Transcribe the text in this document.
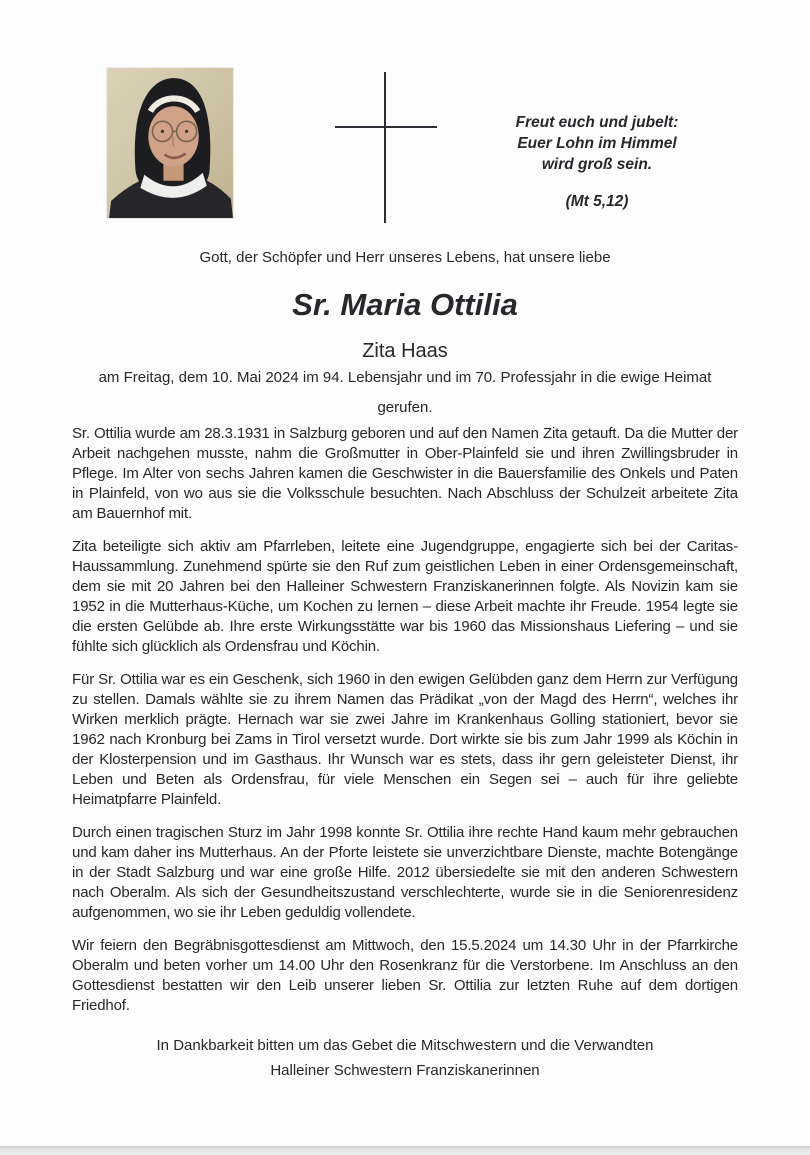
Freut euch und jubelt:
Euer Lohn im Himmel
wird groß sein.
(Mt 5,12)
Gott, der Schöpfer und Herr unseres Lebens, hat unsere liebe
Sr. Maria Ottilia
Zita Haas
am Freitag, dem 10. Mai 2024 im 94. Lebensjahr und im 70. Professjahr in die ewige Heimat
gerufen.

Sr. Ottilia wurde am 28.3.1931 in Salzburg geboren und auf den Namen Zita getauft. Da die Mutter der Arbeit nachgehen musste, nahm die Großmutter in Ober-Plainfeld sie und ihren Zwillingsbruder in Pflege. Im Alter von sechs Jahren kamen die Geschwister in die Bauersfamilie des Onkels und Paten in Plainfeld, von wo aus sie die Volksschule besuchten. Nach Abschluss der Schulzeit arbeitete Zita am Bauernhof mit.

Zita beteiligte sich aktiv am Pfarrleben, leitete eine Jugendgruppe, engagierte sich bei der Caritas-Haussammlung. Zunehmend spürte sie den Ruf zum geistlichen Leben in einer Ordensgemeinschaft, dem sie mit 20 Jahren bei den Halleiner Schwestern Franziskanerinnen folgte. Als Novizin kam sie 1952 in die Mutterhaus-Küche, um Kochen zu lernen – diese Arbeit machte ihr Freude. 1954 legte sie die ersten Gelübde ab. Ihre erste Wirkungsstätte war bis 1960 das Missionshaus Liefering – und sie fühlte sich glücklich als Ordensfrau und Köchin.

Für Sr. Ottilia war es ein Geschenk, sich 1960 in den ewigen Gelübden ganz dem Herrn zur Verfügung zu stellen. Damals wählte sie zu ihrem Namen das Prädikat „von der Magd des Herrn“, welches ihr Wirken merklich prägte. Hernach war sie zwei Jahre im Krankenhaus Golling stationiert, bevor sie 1962 nach Kronburg bei Zams in Tirol versetzt wurde. Dort wirkte sie bis zum Jahr 1999 als Köchin in der Klosterpension und im Gasthaus. Ihr Wunsch war es stets, dass ihr gern geleisteter Dienst, ihr Leben und Beten als Ordensfrau, für viele Menschen ein Segen sei – auch für ihre geliebte Heimatpfarre Plainfeld.

Durch einen tragischen Sturz im Jahr 1998 konnte Sr. Ottilia ihre rechte Hand kaum mehr gebrauchen und kam daher ins Mutterhaus. An der Pforte leistete sie unverzichtbare Dienste, machte Botengänge in der Stadt Salzburg und war eine große Hilfe. 2012 übersiedelte sie mit den anderen Schwestern nach Oberalm. Als sich der Gesundheitszustand verschlechterte, wurde sie in die Seniorenresidenz aufgenommen, wo sie ihr Leben geduldig vollendete.

Wir feiern den Begräbnisgottesdienst am Mittwoch, den 15.5.2024 um 14.30 Uhr in der Pfarrkirche Oberalm und beten vorher um 14.00 Uhr den Rosenkranz für die Verstorbene. Im Anschluss an den Gottesdienst bestatten wir den Leib unserer lieben Sr. Ottilia zur letzten Ruhe auf dem dortigen Friedhof.

In Dankbarkeit bitten um das Gebet die Mitschwestern und die Verwandten
Halleiner Schwestern Franziskanerinnen
